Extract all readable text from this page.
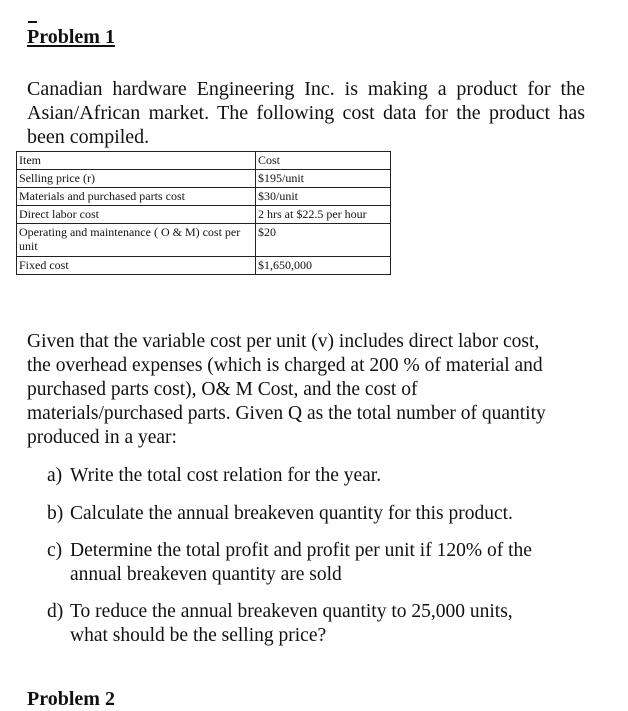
Problem 1

Canadian hardware Engineering Inc. is making a product for the Asian/African market. The following cost data for the product has been compiled.

Item	Cost
Selling price (r)	$195/unit
Materials and purchased parts cost	$30/unit
Direct labor cost	2 hrs at $22.5 per hour
Operating and maintenance ( O & M) cost per unit	$20
Fixed cost	$1,650,000

Given that the variable cost per unit (v) includes direct labor cost, the overhead expenses (which is charged at 200 % of material and purchased parts cost), O& M Cost, and the cost of materials/purchased parts. Given Q as the total number of quantity produced in a year:

a) Write the total cost relation for the year.
b) Calculate the annual breakeven quantity for this product.
c) Determine the total profit and profit per unit if 120% of the
annual breakeven quantity are sold
d) To reduce the annual breakeven quantity to 25,000 units,
what should be the selling price?
Problem 2
